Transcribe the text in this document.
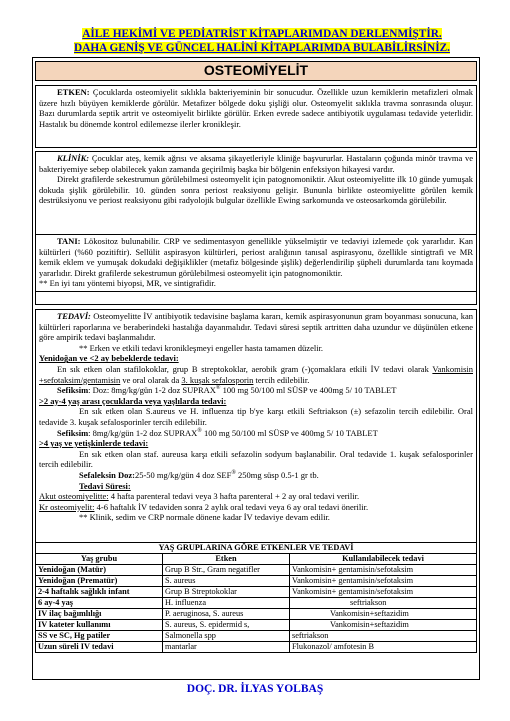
AİLE HEKİMİ VE PEDİATRİST KİTAPLARIMDAN DERLENMİŞTİR.
DAHA GENİŞ VE GÜNCEL HALİNİ KİTAPLARIMDA BULABİLİRSİNİZ.
OSTEOMİYELİT

ETKEN: Çocuklarda osteomiyelit sıklıkla bakteriyeminin bir sonucudur. Özellikle uzun kemiklerin metafizleri olmak üzere hızlı büyüyen kemiklerde görülür. Metafizer bölgede doku şişliği olur. Osteomyelit sıklıkla travma sonrasında oluşur. Bazı durumlarda septik artrit ve osteomiyelit birlikte görülür. Erken evrede sadece antibiyotik uygulaması tedavide yeterlidir. Hastalık bu dönemde kontrol edilemezse ilerler kronikleşir.

KLİNİK: Çocuklar ateş, kemik ağrısı ve aksama şikayetleriyle kliniğe başvururlar. Hastaların çoğunda minör travma ve bakteriyemiye sebep olabilecek yakın zamanda geçirilmiş başka bir bölgenin enfeksiyon hikayesi vardır.

Direkt grafilerde sekestrumun görülebilmesi osteomyelit için patognomoniktir. Akut osteomiyelitte ilk 10 günde yumuşak dokuda şişlik görülebilir. 10. günden sonra periost reaksiyonu gelişir. Bununla birlikte osteomiyelitte görülen kemik destrüksiyonu ve periost reaksiyonu gibi radyolojik bulgular özellikle Ewing sarkomunda ve osteosarkomda görülebilir.

TANI: Lökositoz bulunabilir. CRP ve sedimentasyon genellikle yükselmiştir ve tedaviyi izlemede çok yararlıdır. Kan kültürleri (%60 pozitiftir). Sellülit aspirasyon kültürleri, periost aralığının tanısal aspirasyonu, özellikle sintigtrafi ve MR kemik eklem ve yumuşak dokudaki değişiklikler (metafiz bölgesinde şişlik) değerlendirilip şüpheli durumlarda tanı koymada yararlıdır. Direkt grafilerde sekestrumun görülebilmesi osteomyelit için patognomoniktir.

** En iyi tanı yöntemi biyopsi, MR, ve sintigrafidir.

TEDAVİ: Osteomyelitte İV antibiyotik tedavisine başlama kararı, kemik aspirasyonunun gram boyanması sonucuna, kan kültürleri raporlarına ve beraberindeki hastalığa dayanmalıdır. Tedavi süresi septik artritten daha uzundur ve düşünülen etkene göre ampirik tedavi başlanmalıdır.

** Erken ve etkili tedavi kronikleşmeyi engeller hasta tamamen düzelir.

Yenidoğan ve <2 ay bebeklerde tedavi:

En sık etken olan stafilokoklar, grup B streptokoklar, aerobik gram (-)çomaklara etkili İV tedavi olarak Vankomisin +sefotaksim/gentamisin ve oral olarak da 3. kuşak sefalosporin tercih edilebilir.

Sefiksim: Doz: 8mg/kg/gün 1-2 doz SUPRAX® 100 mg 50/100 ml SÜSP ve 400mg 5/ 10 TABLET

>2 ay-4 yaş arası çocuklarda veya yaşlılarda tedavi:

En sık etken olan S.aureus ve H. influenza tip b'ye karşı etkili Seftriakson (±) sefazolin tercih edilebilir. Oral tedavide 3. kuşak sefalosporinler tercih edilebilir.

Sefiksim: 8mg/kg/gün 1-2 doz SUPRAX® 100 mg 50/100 ml SÜSP ve 400mg 5/ 10 TABLET

>4 yaş ve yetişkinlerde tedavi:

En sık etken olan staf. aureusa karşı etkili sefazolin sodyum başlanabilir. Oral tedavide 1. kuşak sefalosporinler tercih edilebilir.

Sefaleksin Doz:25-50 mg/kg/gün 4 doz SEF® 250mg süsp 0.5-1 gr tb.

Tedavi Süresi:

Akut osteomiyelitte: 4 hafta parenteral tedavi veya 3 hafta parenteral + 2 ay oral tedavi verilir.

Kr osteomiyelit: 4-6 haftalık İV tedaviden sonra 2 aylık oral tedavi veya 6 ay oral tedavi önerilir.

** Klinik, sedim ve CRP normale dönene kadar İV tedaviye devam edilir.

YAŞ GRUPLARINA GÖRE ETKENLER VE TEDAVİ		
Yaş grubu	Etken	Kullanılabilecek tedavi
Yenidoğan (Matür)	Grup B Str., Gram negatifler	Vankomisin+ gentamisin/sefotaksim
Yenidoğan (Prematür)	S. aureus	Vankomisin+ gentamisin/sefotaksim
2-4 haftalık sağlıklı infant	Grup B Streptokoklar	Vankomisin+ gentamisin/sefotaksim
6 ay-4 yaş	H. influenza	seftriakson
IV ilaç bağımlılığı	P. aeruginosa, S. aureus	Vankomisin+seftazidim
IV kateter kullanımı	S. aureus, S. epidermid s,	Vankomisin+seftazidim
SS ve SC, Hg patiler	Salmonella spp	seftriakson
Uzun süreli IV tedavi	mantarlar	Flukonazol/ amfotesin B
DOÇ. DR. İLYAS YOLBAŞ
